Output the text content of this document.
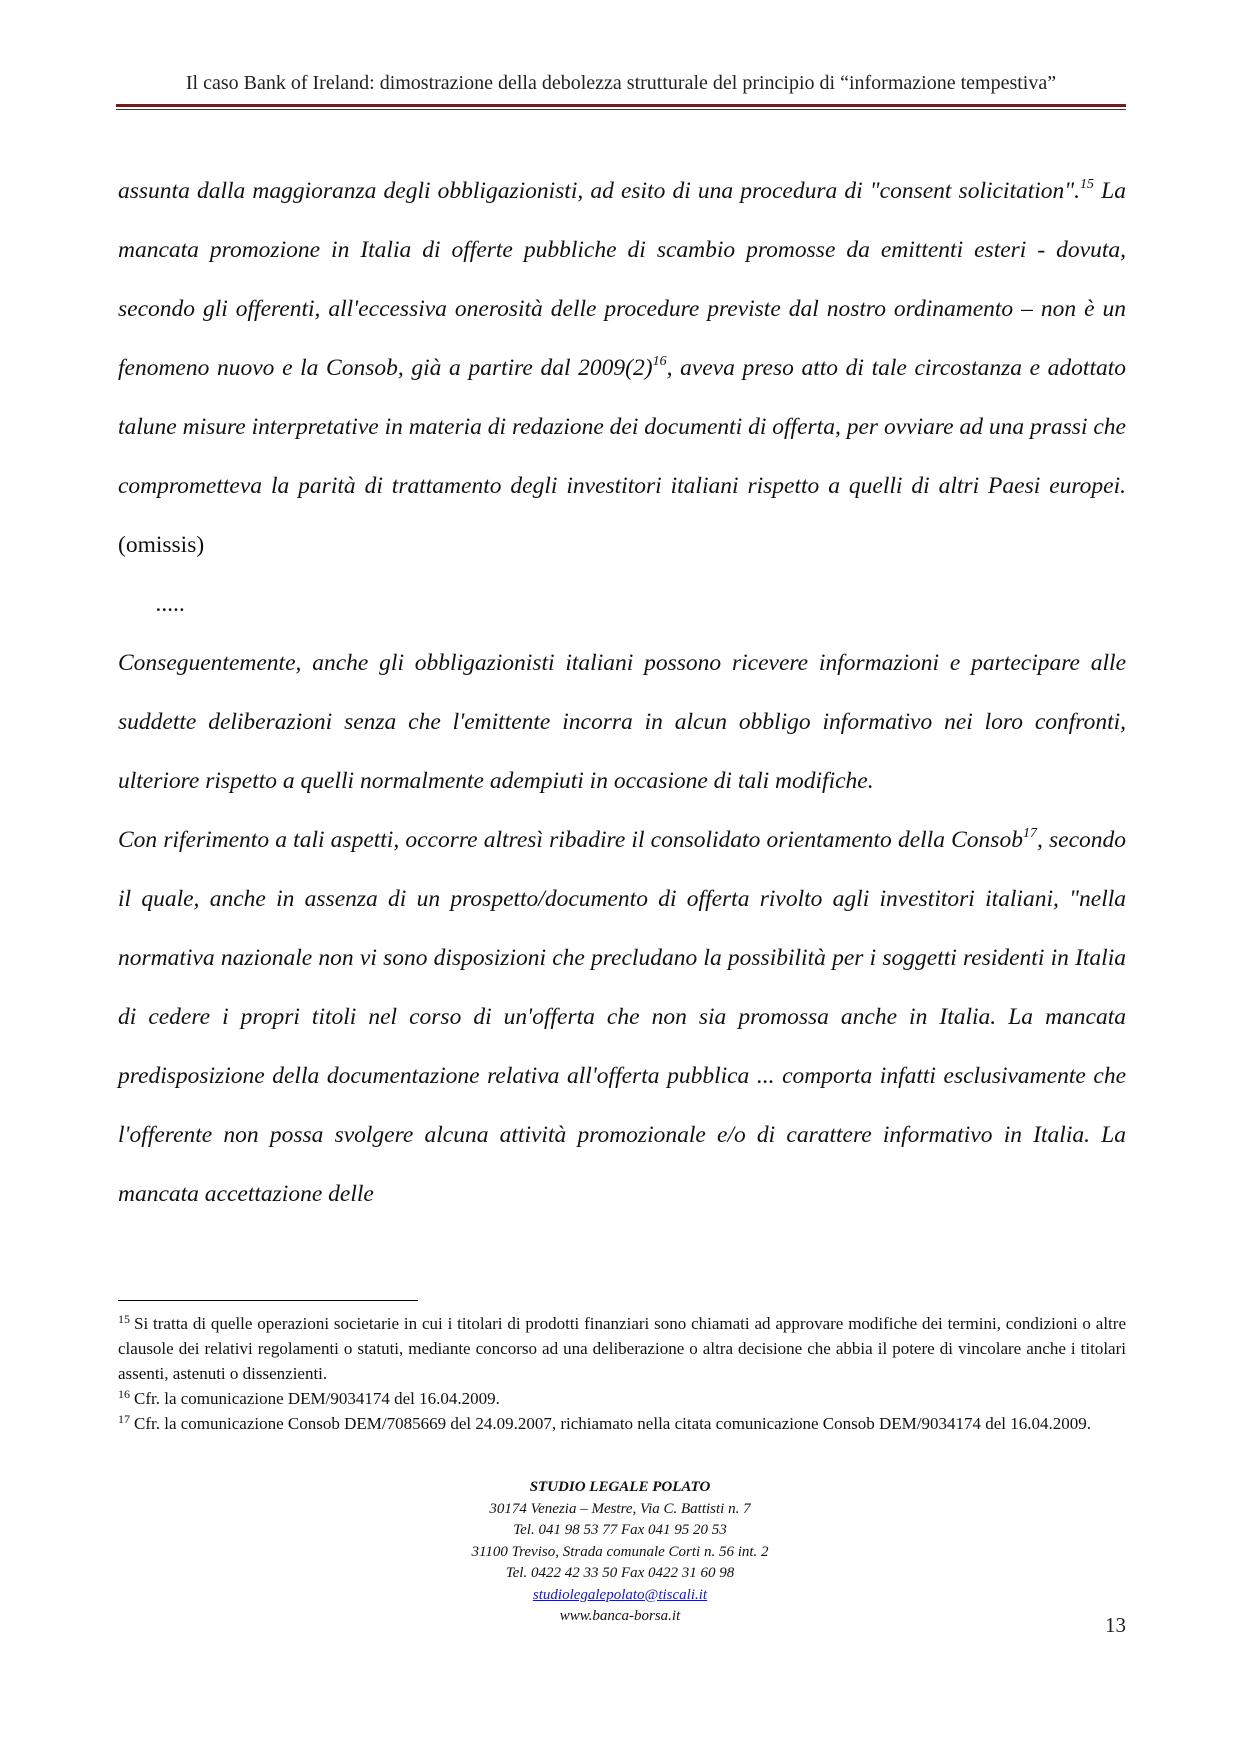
Il caso Bank of Ireland: dimostrazione della debolezza strutturale del principio di “informazione tempestiva”

assunta dalla maggioranza degli obbligazionisti, ad esito di una procedura di "consent solicitation".$^{15}$ La mancata promozione in Italia di offerte pubbliche di scambio promosse da emittenti esteri - dovuta, secondo gli offerenti, all'eccessiva onerosità delle procedure previste dal nostro ordinamento – non è un fenomeno nuovo e la Consob, già a partire dal $2009(2)^{16}$, aveva preso atto di tale circostanza e adottato talune misure interpretative in materia di redazione dei documenti di offerta, per ovviare ad una prassi che comprometteva la parità di trattamento degli investitori italiani rispetto a quelli di altri Paesi europei. (omissis)

.....

Conseguentemente, anche gli obbligazionisti italiani possono ricevere informazioni e partecipare alle suddette deliberazioni senza che l'emittente incorra in alcun obbligo informativo nei loro confronti, ulteriore rispetto a quelli normalmente adempiuti in occasione di tali modifiche.

Con riferimento a tali aspetti, occorre altresì ribadire il consolidato orientamento della Consob$^{17}$, secondo il quale, anche in assenza di un prospetto/documento di offerta rivolto agli investitori italiani, "nella normativa nazionale non vi sono disposizioni che precludano la possibilità per i soggetti residenti in Italia di cedere i propri titoli nel corso di un'offerta che non sia promossa anche in Italia. La mancata predisposizione della documentazione relativa all'offerta pubblica ... comporta infatti esclusivamente che l'offerente non possa svolgere alcuna attività promozionale e/o di carattere informativo in Italia. La mancata accettazione delle

$^{15}$ Si tratta di quelle operazioni societarie in cui i titolari di prodotti finanziari sono chiamati ad approvare modifiche dei termini, condizioni o altre clausole dei relativi regolamenti o statuti, mediante concorso ad una deliberazione o altra decisione che abbia il potere di vincolare anche i titolari assenti, astenuti o dissenzienti.

$^{16}$ Cfr. la comunicazione DEM/9034174 del 16.04.2009.

$^{17}$ Cfr. la comunicazione Consob DEM/7085669 del 24.09.2007, richiamato nella citata comunicazione Consob DEM/9034174 del 16.04.2009.

STUDIO LEGALE POLATO
30174 Venezia – Mestre, Via C. Battisti n. 7
Tel. 041 98 53 77 Fax 041 95 20 53
31100 Treviso, Strada comunale Corti n. 56 int. 2
Tel. 0422 42 33 50 Fax 0422 31 60 98
studiolegalepolato@tiscali.it
www.banca-borsa.it	13
